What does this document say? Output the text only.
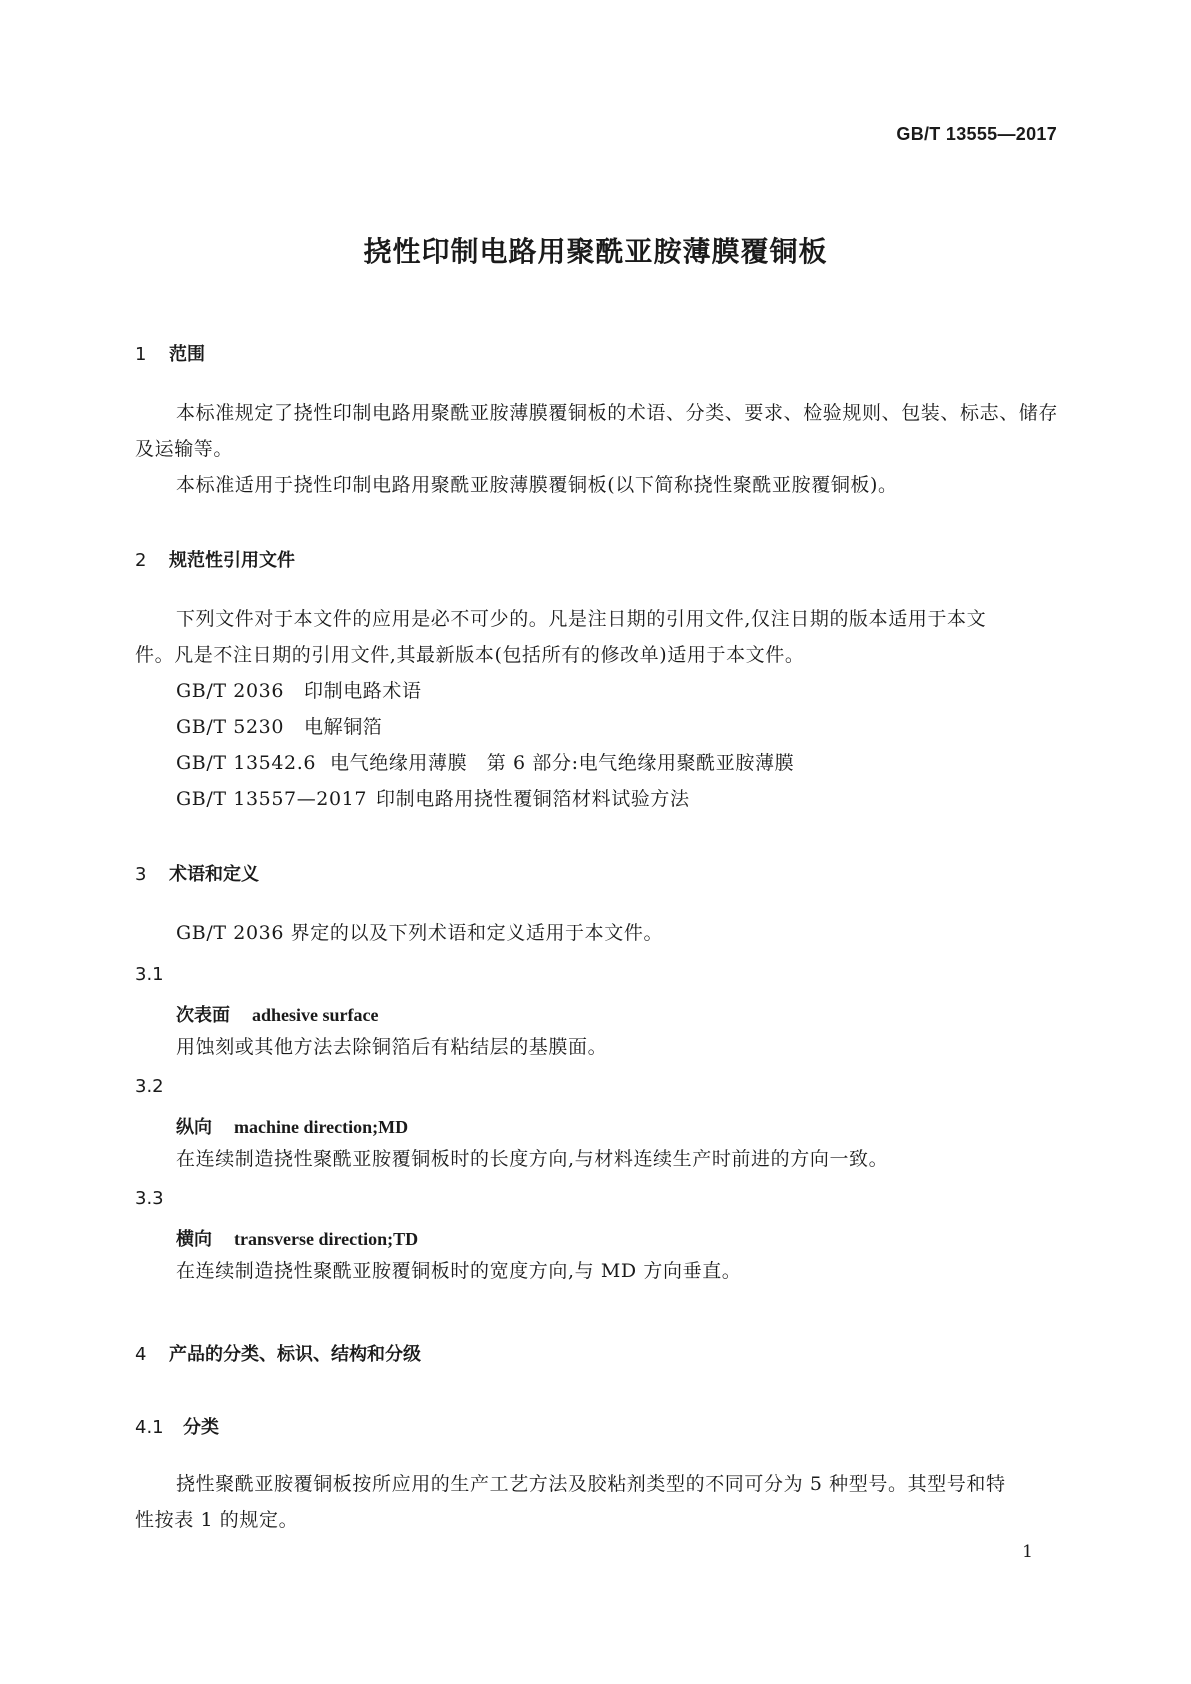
GB/T 13555—2017
挠性印制电路用聚酰亚胺薄膜覆铜板
1 范围
本标准规定了挠性印制电路用聚酰亚胺薄膜覆铜板的术语、分类、要求、检验规则、包装、标志、储存
及运输等。
本标准适用于挠性印制电路用聚酰亚胺薄膜覆铜板(以下简称挠性聚酰亚胺覆铜板)。
2 规范性引用文件
下列文件对于本文件的应用是必不可少的。凡是注日期的引用文件,仅注日期的版本适用于本文
件。凡是不注日期的引用文件,其最新版本(包括所有的修改单)适用于本文件。
GB/T 2036 印制电路术语
GB/T 5230 电解铜箔
GB/T 13542.6 电气绝缘用薄膜　第 6 部分:电气绝缘用聚酰亚胺薄膜
GB/T 13557—2017 印制电路用挠性覆铜箔材料试验方法
3 术语和定义
GB/T 2036 界定的以及下列术语和定义适用于本文件。
3.1
次表面 adhesive surface
用蚀刻或其他方法去除铜箔后有粘结层的基膜面。
3.2
纵向 machine direction;MD
在连续制造挠性聚酰亚胺覆铜板时的长度方向,与材料连续生产时前进的方向一致。
3.3
横向 transverse direction;TD
在连续制造挠性聚酰亚胺覆铜板时的宽度方向,与 MD 方向垂直。
4 产品的分类、标识、结构和分级
4.1 分类
挠性聚酰亚胺覆铜板按所应用的生产工艺方法及胶粘剂类型的不同可分为 5 种型号。其型号和特
性按表 1 的规定。
1
